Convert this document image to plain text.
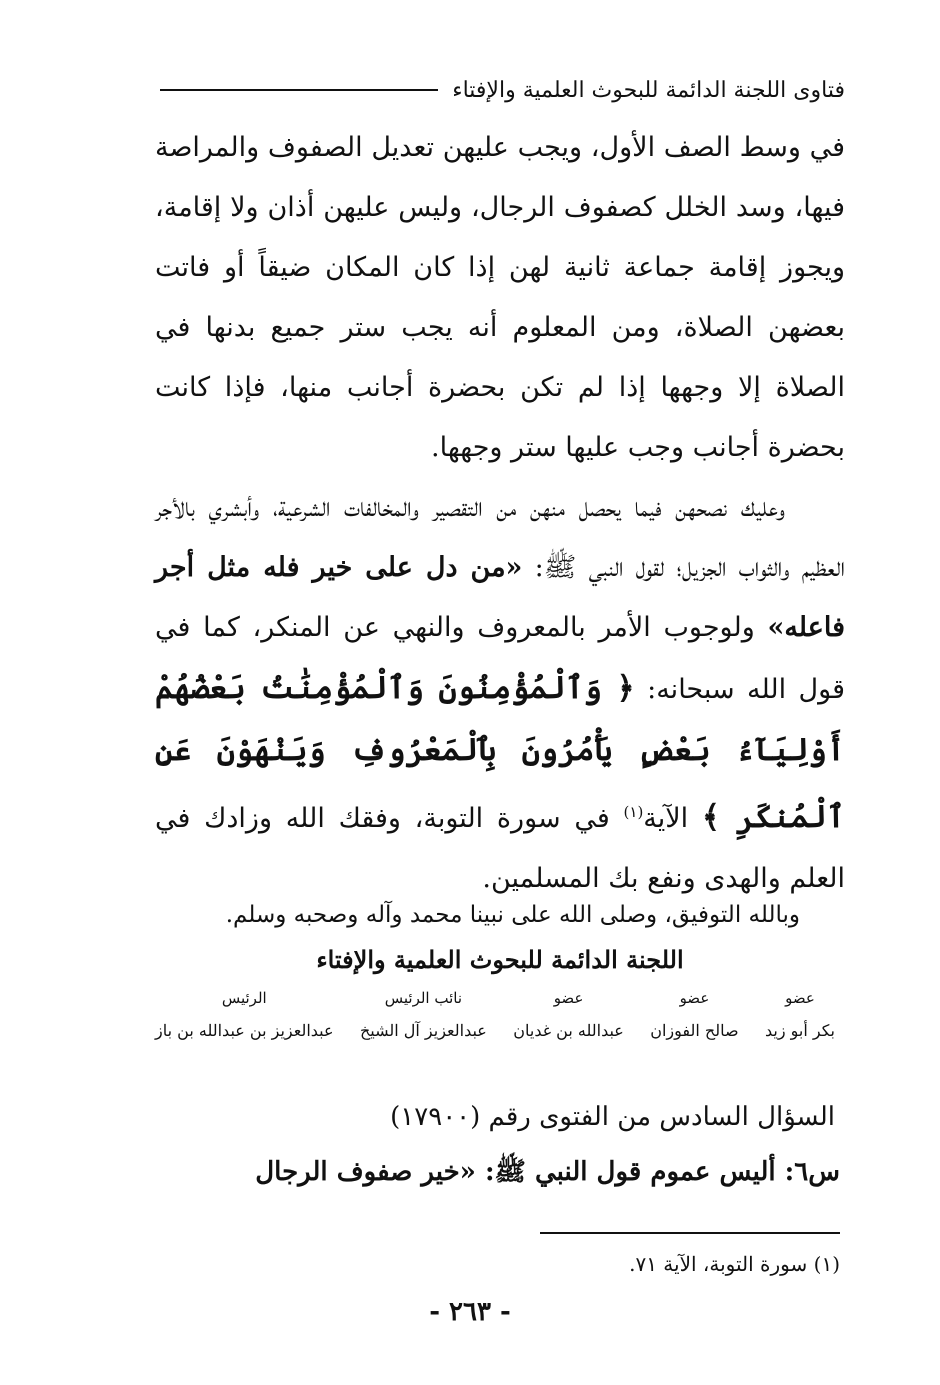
فتاوى اللجنة الدائمة للبحوث العلمية والإفتاء

في وسط الصف الأول، ويجب عليهن تعديل الصفوف والمراصة فيها، وسد الخلل كصفوف الرجال، وليس عليهن أذان ولا إقامة، ويجوز إقامة جماعة ثانية لهن إذا كان المكان ضيقاً أو فاتت بعضهن الصلاة، ومن المعلوم أنه يجب ستر جميع بدنها في الصلاة إلا وجهها إذا لم تكن بحضرة أجانب منها، فإذا كانت بحضرة أجانب وجب عليها ستر وجهها.

وعليك نصحهن فيما يحصل منهن من التقصير والمخالفات الشرعية، وأبشري بالأجر العظيم والثواب الجزيل؛ لقول النبي ﷺ: «من دل على خير فله مثل أجر فاعله» ولوجوب الأمر بالمعروف والنهي عن المنكر، كما في قول الله سبحانه: ﴿ وَٱلْمُؤْمِنُونَ وَٱلْمُؤْمِنَٰتُ بَعْضُهُمْ أَوْلِيَآءُ بَعْضٍ يَأْمُرُونَ بِٱلْمَعْرُوفِ وَيَنْهَوْنَ عَنِ ٱلْمُنكَرِ ﴾ الآية$^{(١)}$ في سورة التوبة، وفقك الله وزادك في العلم والهدى ونفع بك المسلمين.

وبالله التوفيق، وصلى الله على نبينا محمد وآله وصحبه وسلم.

اللجنة الدائمة للبحوث العلمية والإفتاء
عضو
بكر أبو زيد
عضو
صالح الفوزان
عضو
عبدالله بن غديان
نائب الرئيس
عبدالعزيز آل الشيخ
الرئيس
عبدالعزيز بن عبدالله بن باز
السؤال السادس من الفتوى رقم (١٧٩٠٠)
س٦: أليس عموم قول النبي ﷺ: «خير صفوف الرجال
(١) سورة التوبة، الآية ٧١.
- ٢٦٣ -
